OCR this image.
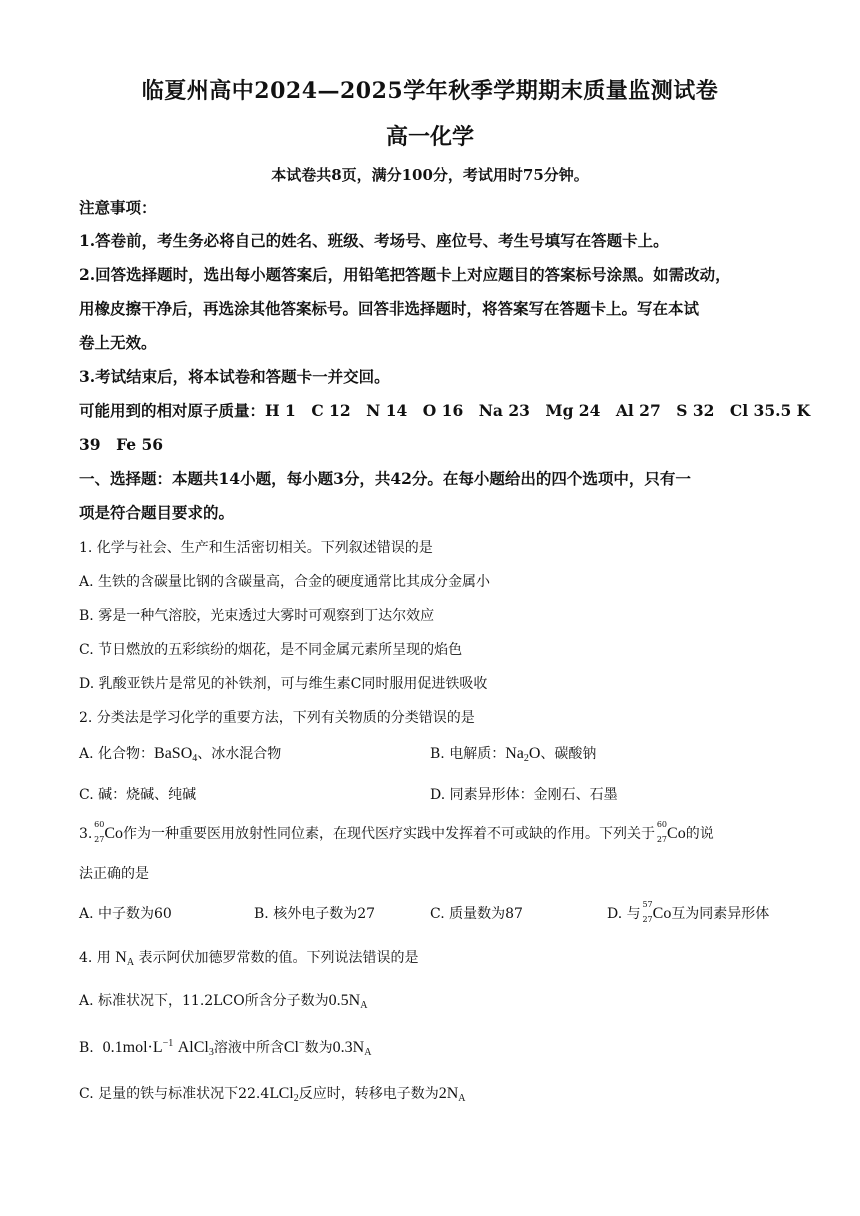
临夏州高中2024—2025学年秋季学期期末质量监测试卷
高一化学
本试卷共8页，满分100分，考试用时75分钟。
注意事项：
1.答卷前，考生务必将自己的姓名、班级、考场号、座位号、考生号填写在答题卡上。
2.回答选择题时，选出每小题答案后，用铅笔把答题卡上对应题目的答案标号涂黑。如需改动，
用橡皮擦干净后，再选涂其他答案标号。回答非选择题时，将答案写在答题卡上。写在本试
卷上无效。
3.考试结束后，将本试卷和答题卡一并交回。
可能用到的相对原子质量：H 1　C 12　N 14　O 16　Na 23　Mg 24　Al 27　S 32　Cl 35.5 K
39　Fe 56
一、选择题：本题共14小题，每小题3分，共42分。在每小题给出的四个选项中，只有一
项是符合题目要求的。
1. 化学与社会、生产和生活密切相关。下列叙述错误的是
A. 生铁的含碳量比钢的含碳量高，合金的硬度通常比其成分金属小
B. 雾是一种气溶胶，光束透过大雾时可观察到丁达尔效应
C. 节日燃放的五彩缤纷的烟花，是不同金属元素所呈现的焰色
D. 乳酸亚铁片是常见的补铁剂，可与维生素C同时服用促进铁吸收
2. 分类法是学习化学的重要方法，下列有关物质的分类错误的是
A. 化合物：BaSO$_4$、冰水混合物	B. 电解质：$Na_2O$、碳酸钠
C. 碱：烧碱、纯碱	D. 同素异形体：金刚石、石墨
3.
60
27 Co作为一种重要医用放射性同位素，在现代医疗实践中发挥着不可或缺的作用。下列关于
60
27 Co的说
法正确的是
A. 中子数为60	B. 核外电子数为27	C. 质量数为87	D. 与
57
27 Co互为同素异形体
4. 用 $N_A$ 表示阿伏加德罗常数的值。下列说法错误的是
A. 标准状况下，11.2LCO所含分子数为$0.5N_A$
B. $0.1mol\cdot L^{-1}$ AlCl$_3$溶液中所含Cl−数为$0.3N_A$
C. 足量的铁与标准状况下22.4LCl$_2$反应时，转移电子数为$2N_A$
